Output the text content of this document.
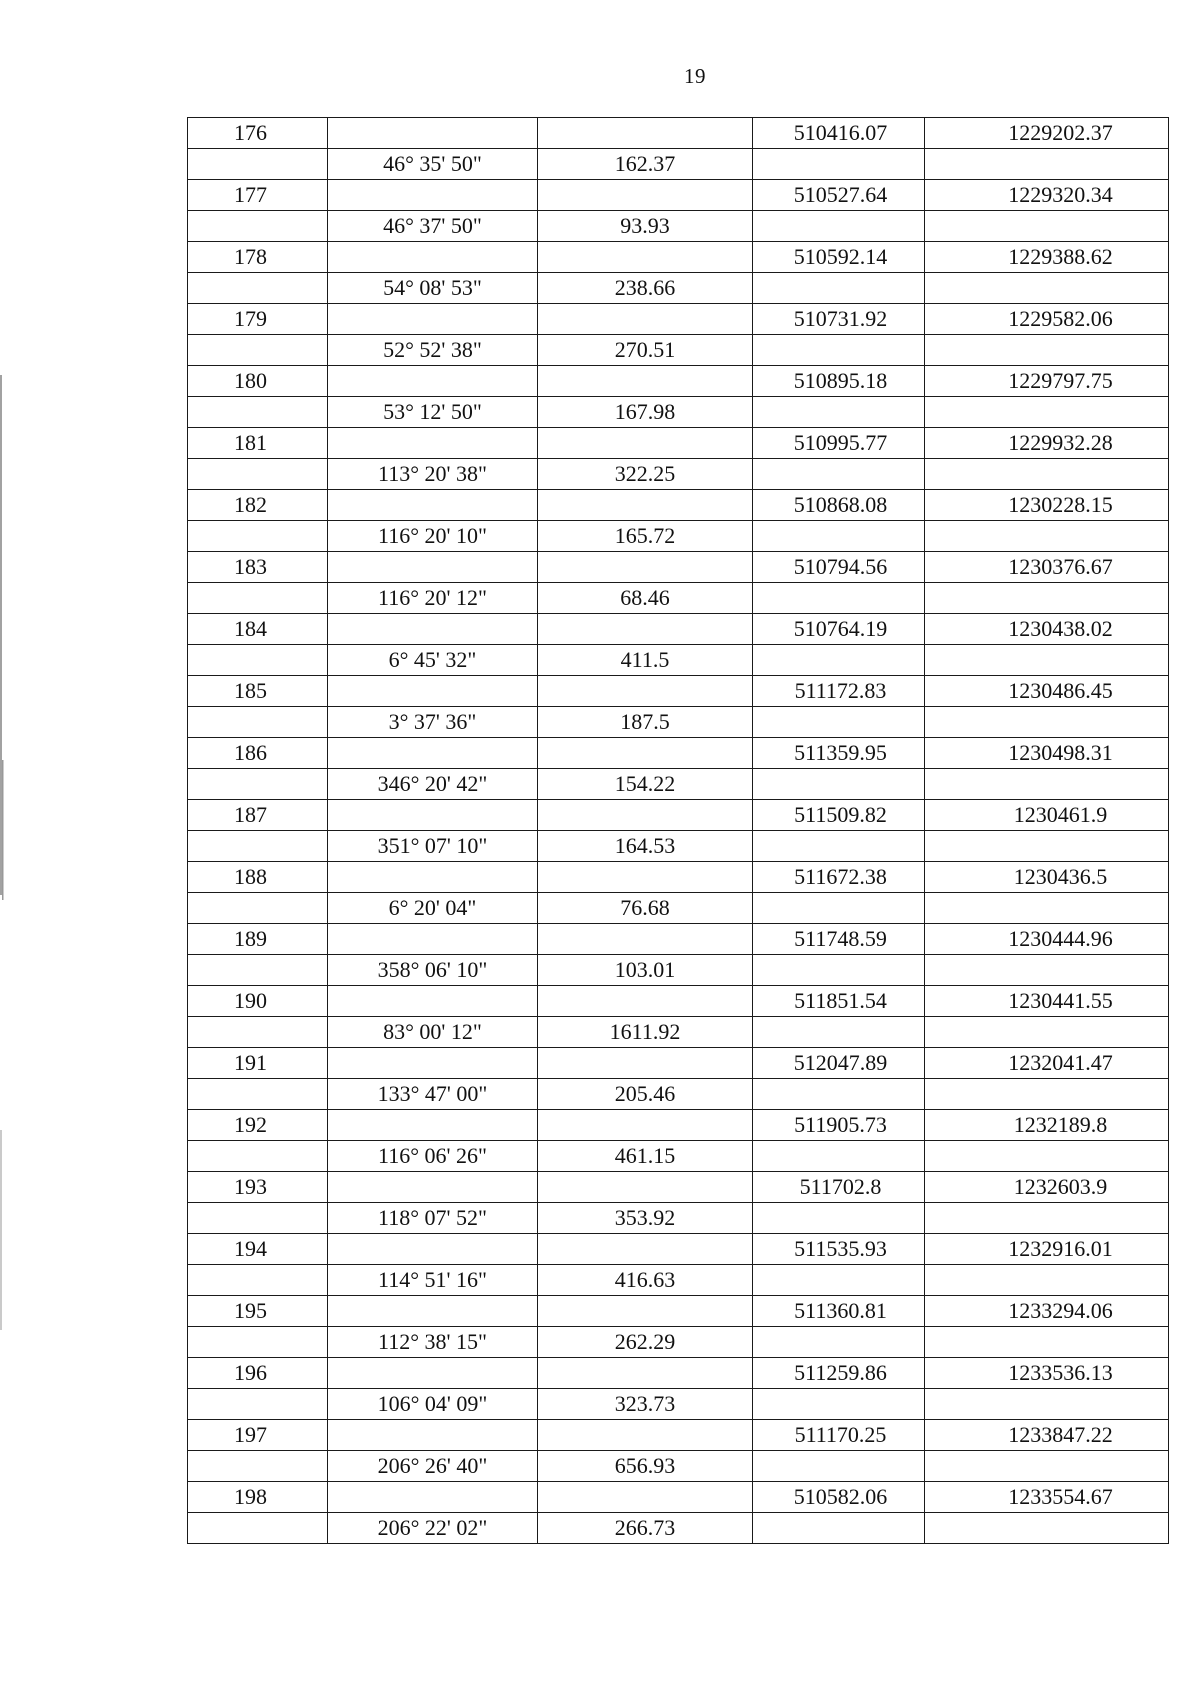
19
176			510416.07	1229202.37
	46° 35' 50"	162.37		
177			510527.64	1229320.34
	46° 37' 50"	93.93		
178			510592.14	1229388.62
	54° 08' 53"	238.66		
179			510731.92	1229582.06
	52° 52' 38"	270.51		
180			510895.18	1229797.75
	53° 12' 50"	167.98		
181			510995.77	1229932.28
	113° 20' 38"	322.25		
182			510868.08	1230228.15
	116° 20' 10"	165.72		
183			510794.56	1230376.67
	116° 20' 12"	68.46		
184			510764.19	1230438.02
	6° 45' 32"	411.5		
185			511172.83	1230486.45
	3° 37' 36"	187.5		
186			511359.95	1230498.31
	346° 20' 42"	154.22		
187			511509.82	1230461.9
	351° 07' 10"	164.53		
188			511672.38	1230436.5
	6° 20' 04"	76.68		
189			511748.59	1230444.96
	358° 06' 10"	103.01		
190			511851.54	1230441.55
	83° 00' 12"	1611.92		
191			512047.89	1232041.47
	133° 47' 00"	205.46		
192			511905.73	1232189.8
	116° 06' 26"	461.15		
193			511702.8	1232603.9
	118° 07' 52"	353.92		
194			511535.93	1232916.01
	114° 51' 16"	416.63		
195			511360.81	1233294.06
	112° 38' 15"	262.29		
196			511259.86	1233536.13
	106° 04' 09"	323.73		
197			511170.25	1233847.22
	206° 26' 40"	656.93		
198			510582.06	1233554.67
	206° 22' 02"	266.73		
